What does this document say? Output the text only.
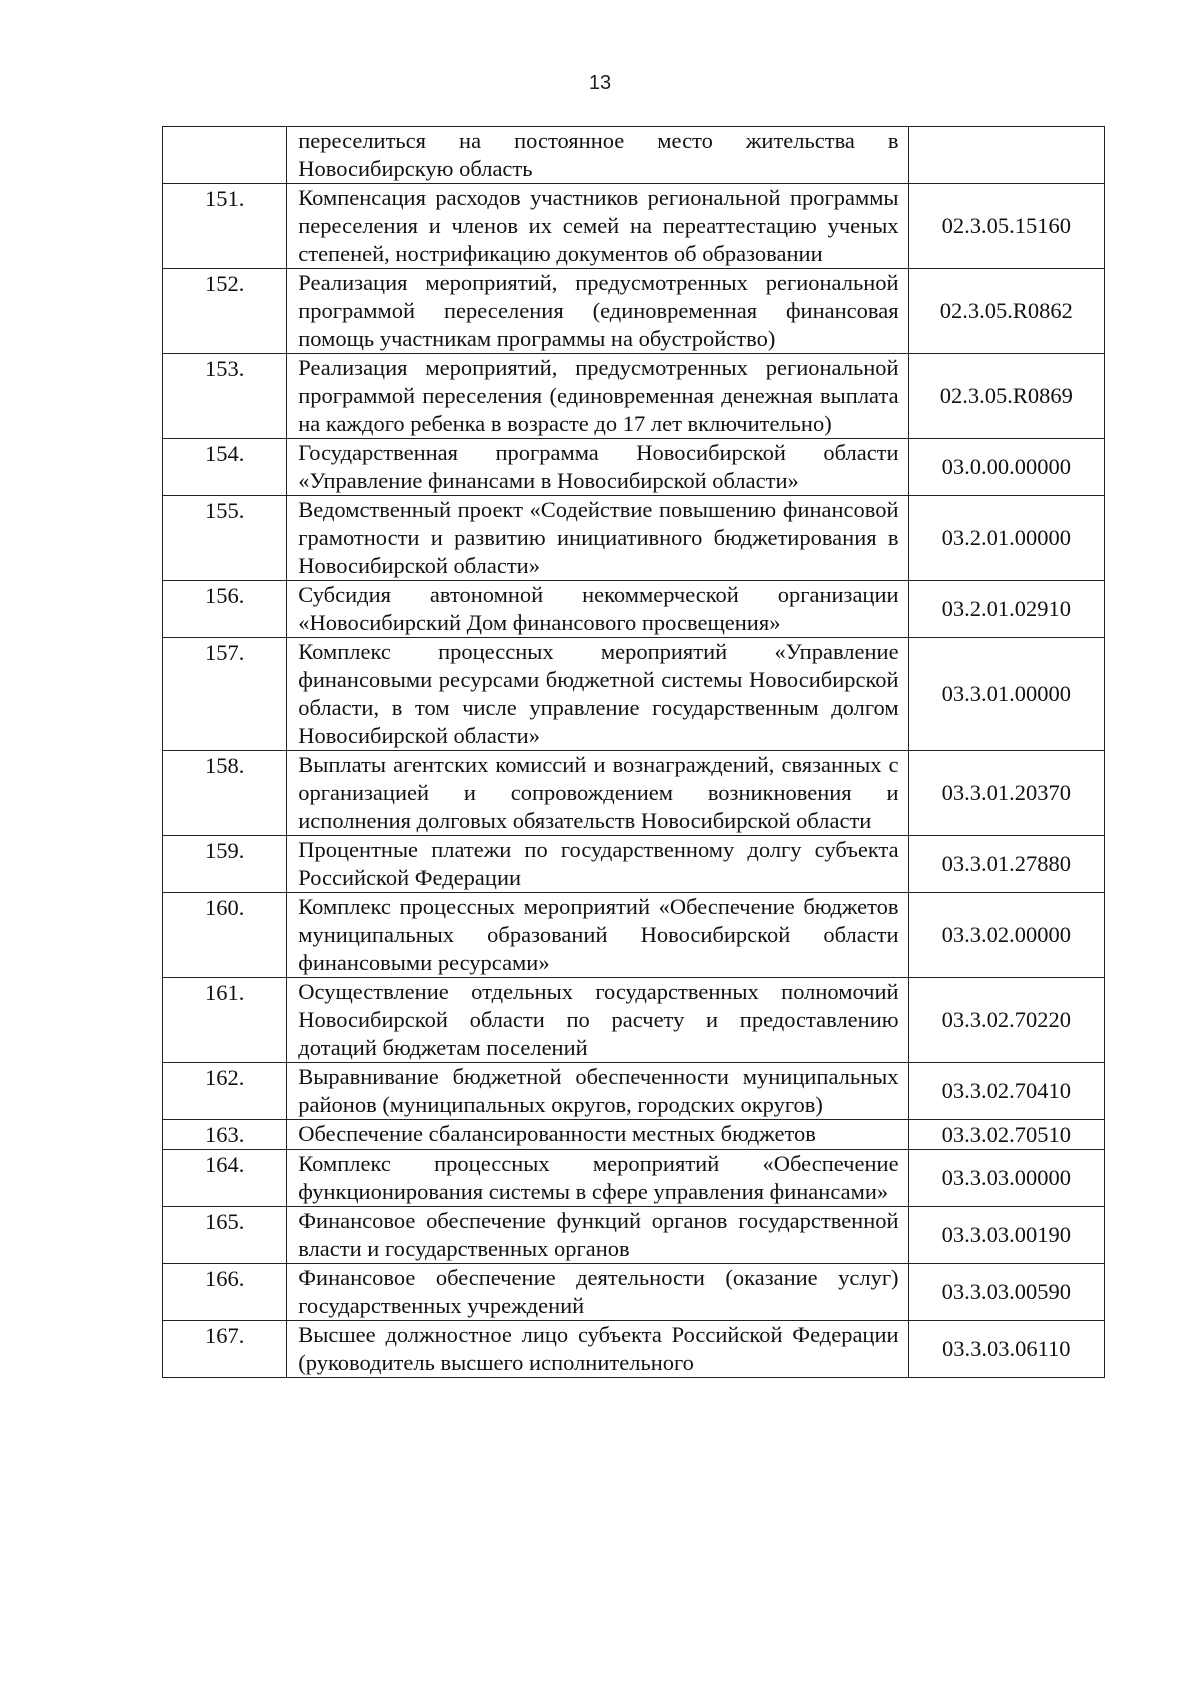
13
	переселиться на постоянное место жительства в Новосибирскую область	
151.	Компенсация расходов участников региональной программы переселения и членов их семей на переаттестацию ученых степеней, нострификацию документов об образовании	02.3.05.15160
152.	Реализация мероприятий, предусмотренных региональной программой переселения (единовременная финансовая помощь участникам программы на обустройство)	02.3.05.R0862
153.	Реализация мероприятий, предусмотренных региональной программой переселения (единовременная денежная выплата на каждого ребенка в возрасте до 17 лет включительно)	02.3.05.R0869
154.	Государственная программа Новосибирской области «Управление финансами в Новосибирской области»	03.0.00.00000
155.	Ведомственный проект «Содействие повышению финансовой грамотности и развитию инициативного бюджетирования в Новосибирской области»	03.2.01.00000
156.	Субсидия автономной некоммерческой организации «Новосибирский Дом финансового просвещения»	03.2.01.02910
157.	Комплекс процессных мероприятий «Управление финансовыми ресурсами бюджетной системы Новосибирской области, в том числе управление государственным долгом Новосибирской области»	03.3.01.00000
158.	Выплаты агентских комиссий и вознаграждений, связанных с организацией и сопровождением возникновения и исполнения долговых обязательств Новосибирской области	03.3.01.20370
159.	Процентные платежи по государственному долгу субъекта Российской Федерации	03.3.01.27880
160.	Комплекс процессных мероприятий «Обеспечение бюджетов муниципальных образований Новосибирской области финансовыми ресурсами»	03.3.02.00000
161.	Осуществление отдельных государственных полномочий Новосибирской области по расчету и предоставлению дотаций бюджетам поселений	03.3.02.70220
162.	Выравнивание бюджетной обеспеченности муниципальных районов (муниципальных округов, городских округов)	03.3.02.70410
163.	Обеспечение сбалансированности местных бюджетов	03.3.02.70510
164.	Комплекс процессных мероприятий «Обеспечение функционирования системы в сфере управления финансами»	03.3.03.00000
165.	Финансовое обеспечение функций органов государственной власти и государственных органов	03.3.03.00190
166.	Финансовое обеспечение деятельности (оказание услуг) государственных учреждений	03.3.03.00590
167.	Высшее должностное лицо субъекта Российской Федерации (руководитель высшего исполнительного	03.3.03.06110
